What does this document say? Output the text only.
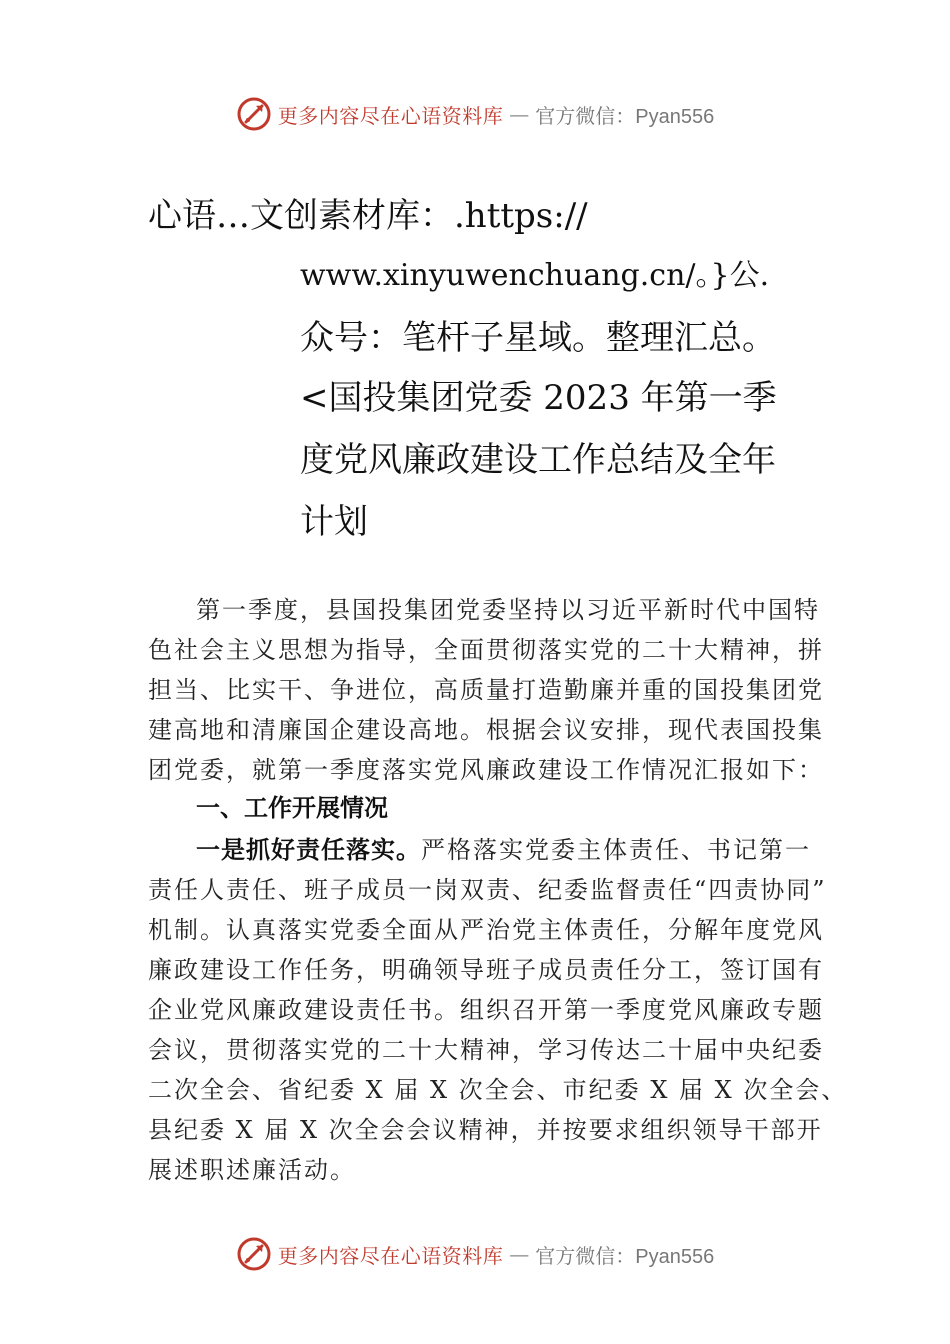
更多内容尽在心语资料库 — 官方微信：Pyan556
心语…文创素材库：.https://
www.xinyuwenchuang.cn/。}公.
众号：笔杆子星域。整理汇总。
<国投集团党委 2023 年第一季
度党风廉政建设工作总结及全年
计划
第一季度，县国投集团党委坚持以习近平新时代中国特
色社会主义思想为指导，全面贯彻落实党的二十大精神，拼
担当、比实干、争进位，高质量打造勤廉并重的国投集团党
建高地和清廉国企建设高地。根据会议安排，现代表国投集
团党委，就第一季度落实党风廉政建设工作情况汇报如下：
一、工作开展情况
一是抓好责任落实。严格落实党委主体责任、书记第一
责任人责任、班子成员一岗双责、纪委监督责任“四责协同”
机制。认真落实党委全面从严治党主体责任，分解年度党风
廉政建设工作任务，明确领导班子成员责任分工，签订国有
企业党风廉政建设责任书。组织召开第一季度党风廉政专题
会议，贯彻落实党的二十大精神，学习传达二十届中央纪委
二次全会、省纪委 X 届 X 次全会、市纪委 X 届 X 次全会、
县纪委 X 届 X 次全会会议精神，并按要求组织领导干部开
展述职述廉活动。
更多内容尽在心语资料库 — 官方微信：Pyan556
